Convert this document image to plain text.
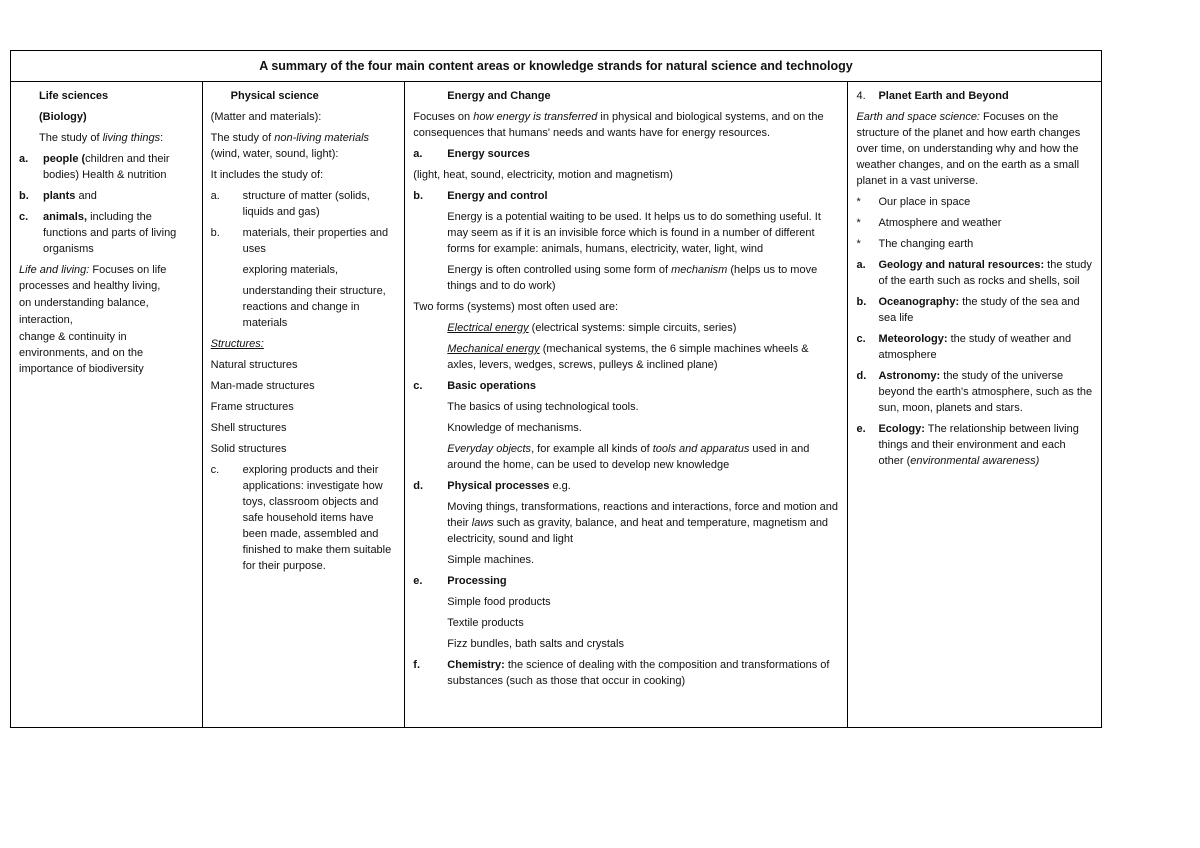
A summary of the four main content areas or knowledge strands for natural science and technology

Life sciences

(Biology)

The study of living things:

a.	people (children and their bodies) Health & nutrition
b.	plants and
c.	animals, including the functions and parts of living organisms

Life and living: Focuses on life processes and healthy living,

on understanding balance,

interaction,

change & continuity in environments, and on the importance of biodiversity

Physical science

(Matter and materials):

The study of non-living materials (wind, water, sound, light):

It includes the study of:

a.	structure of matter (solids, liquids and gas)
b.	materials, their properties and uses

exploring materials,

understanding their structure, reactions and change in materials

Structures:

Natural structures

Man-made structures

Frame structures

Shell structures

Solid structures

c.	exploring products and their applications: investigate how toys, classroom objects and safe household items have been made, assembled and finished to make them suitable for their purpose.

Energy and Change

Focuses on how energy is transferred in physical and biological systems, and on the consequences that humans' needs and wants have for energy resources.

a.	Energy sources

(light, heat, sound, electricity, motion and magnetism)

b.	Energy and control

Energy is a potential waiting to be used. It helps us to do something useful. It may seem as if it is an invisible force which is found in a number of different forms for example: animals, humans, electricity, water, light, wind

Energy is often controlled using some form of mechanism (helps us to move things and to do work)

Two forms (systems) most often used are:

Electrical energy (electrical systems: simple circuits, series)

Mechanical energy (mechanical systems, the 6 simple machines wheels & axles, levers, wedges, screws, pulleys & inclined plane)

c.	Basic operations

The basics of using technological tools.

Knowledge of mechanisms.

Everyday objects, for example all kinds of tools and apparatus used in and around the home, can be used to develop new knowledge

d.	Physical processes e.g.

Moving things, transformations, reactions and interactions, force and motion and their laws such as gravity, balance, and heat and temperature, magnetism and electricity, sound and light

Simple machines.

e.	Processing

Simple food products

Textile products

Fizz bundles, bath salts and crystals

f.	Chemistry: the science of dealing with the composition and transformations of substances (such as those that occur in cooking)
4.	Planet Earth and Beyond

Earth and space science: Focuses on the structure of the planet and how earth changes over time, on understanding why and how the weather changes, and on the earth as a small planet in a vast universe.

*	Our place in space
*	Atmosphere and weather
*	The changing earth
a.	Geology and natural resources: the study of the earth such as rocks and shells, soil
b.	Oceanography: the study of the sea and sea life
c.	Meteorology: the study of weather and atmosphere
d.	Astronomy: the study of the universe beyond the earth's atmosphere, such as the sun, moon, planets and stars.
e.	Ecology: The relationship between living things and their environment and each other (environmental awareness)
